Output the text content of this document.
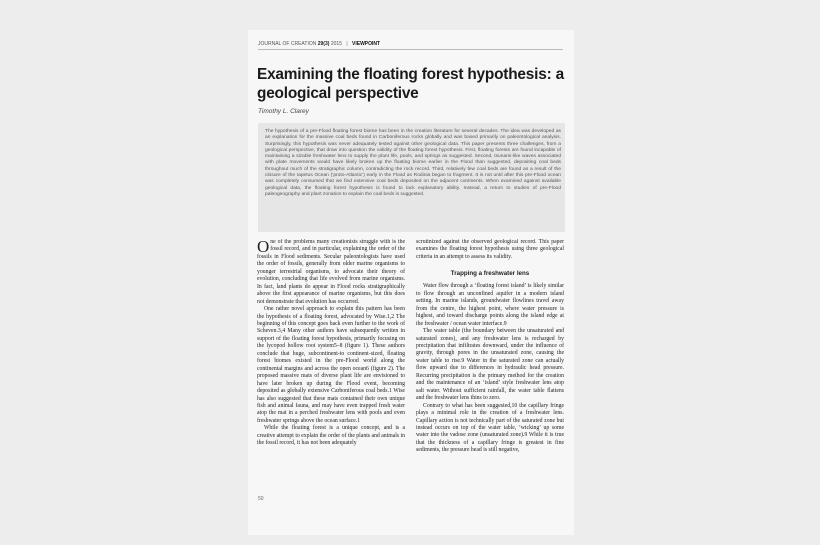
JOURNAL OF CREATION 29(3) 2015 | VIEWPOINT
Examining the floating forest hypothesis: a geological perspective
Timothy L. Clarey
The hypothesis of a pre-Flood floating forest biome has been in the creation literature for several decades. The idea was developed as an explanation for the massive coal beds found in Carboniferous rocks globally and was based primarily on paleontological analysis. Surprisingly, this hypothesis was never adequately tested against other geological data. This paper presents three challenges, from a geological perspective, that draw into question the validity of the floating forest hypothesis. First, floating forests are found incapable of maintaining a sizable freshwater lens to supply the plant life, pools, and springs as suggested. Second, tsunami-like waves associated with plate movements would have likely broken up the floating biome earlier in the Flood than suggested, depositing coal beds throughout much of the stratigraphic column, contradicting the rock record. Third, relatively few coal beds are found as a result of the closure of the Iapetus Ocean (‘proto-Atlantic’) early in the Flood as Rodinia began to fragment. It is not until after this pre-Flood ocean was completely consumed that we find extensive coal beds deposited on the adjacent continents. When examined against available geological data, the floating forest hypothesis is found to lack explanatory ability. Instead, a return to studies of pre-Flood paleogeography and plant zonation to explain the coal beds is suggested.

One of the problems many creationists struggle with is the fossil record, and in particular, explaining the order of the fossils in Flood sediments. Secular paleontologists have used the order of fossils, generally from older marine organisms to younger terrestrial organisms, to advocate their theory of evolution, concluding that life evolved from marine organisms. In fact, land plants do appear in Flood rocks stratigraphically above the first appearance of marine organisms, but this does not demonstrate that evolution has occurred.

One rather novel approach to explain this pattern has been the hypothesis of a floating forest, advocated by Wise.1,2 The beginning of this concept goes back even further to the work of Scheven.3,4 Many other authors have subsequently written in support of the floating forest hypothesis, primarily focusing on the lycopod hollow root system5–8 (figure 1). These authors conclude that huge, subcontinent-to continent-sized, floating forest biomes existed in the pre-Flood world along the continental margins and across the open ocean6 (figure 2). The proposed massive mats of diverse plant life are envisioned to have later broken up during the Flood event, becoming deposited as globally extensive Carboniferous coal beds.1 Wise has also suggested that these mats contained their own unique fish and animal fauna, and may have even trapped fresh water atop the mat in a perched freshwater lens with pools and even freshwater springs above the ocean surface.1

While the floating forest is a unique concept, and is a creative attempt to explain the order of the plants and animals in the fossil record, it has not been adequately

scrutinized against the observed geological record. This paper examines the floating forest hypothesis using three geological criteria in an attempt to assess its validity.

Trapping a freshwater lens

Water flow through a ‘floating forest island’ is likely similar to flow through an unconfined aquifer in a modern island setting. In marine islands, groundwater flowlines travel away from the centre, the highest point, where water pressure is highest, and toward discharge points along the island edge at the freshwater / ocean water interface.9

The water table (the boundary between the unsaturated and saturated zones), and any freshwater lens is recharged by precipitation that infiltrates downward, under the influence of gravity, through pores in the unsaturated zone, causing the water table to rise.9 Water in the saturated zone can actually flow upward due to differences in hydraulic head pressure. Recurring precipitation is the primary method for the creation and the maintenance of an ‘island’ style freshwater lens atop salt water. Without sufficient rainfall, the water table flattens and the freshwater lens thins to zero.

Contrary to what has been suggested,10 the capillary fringe plays a minimal role in the creation of a freshwater lens. Capillary action is not technically part of the saturated zone but instead occurs on top of the water table, ‘wicking’ up some water into the vadose zone (unsaturated zone).9 While it is true that the thickness of a capillary fringe is greatest in fine sediments, the pressure head is still negative,

50
